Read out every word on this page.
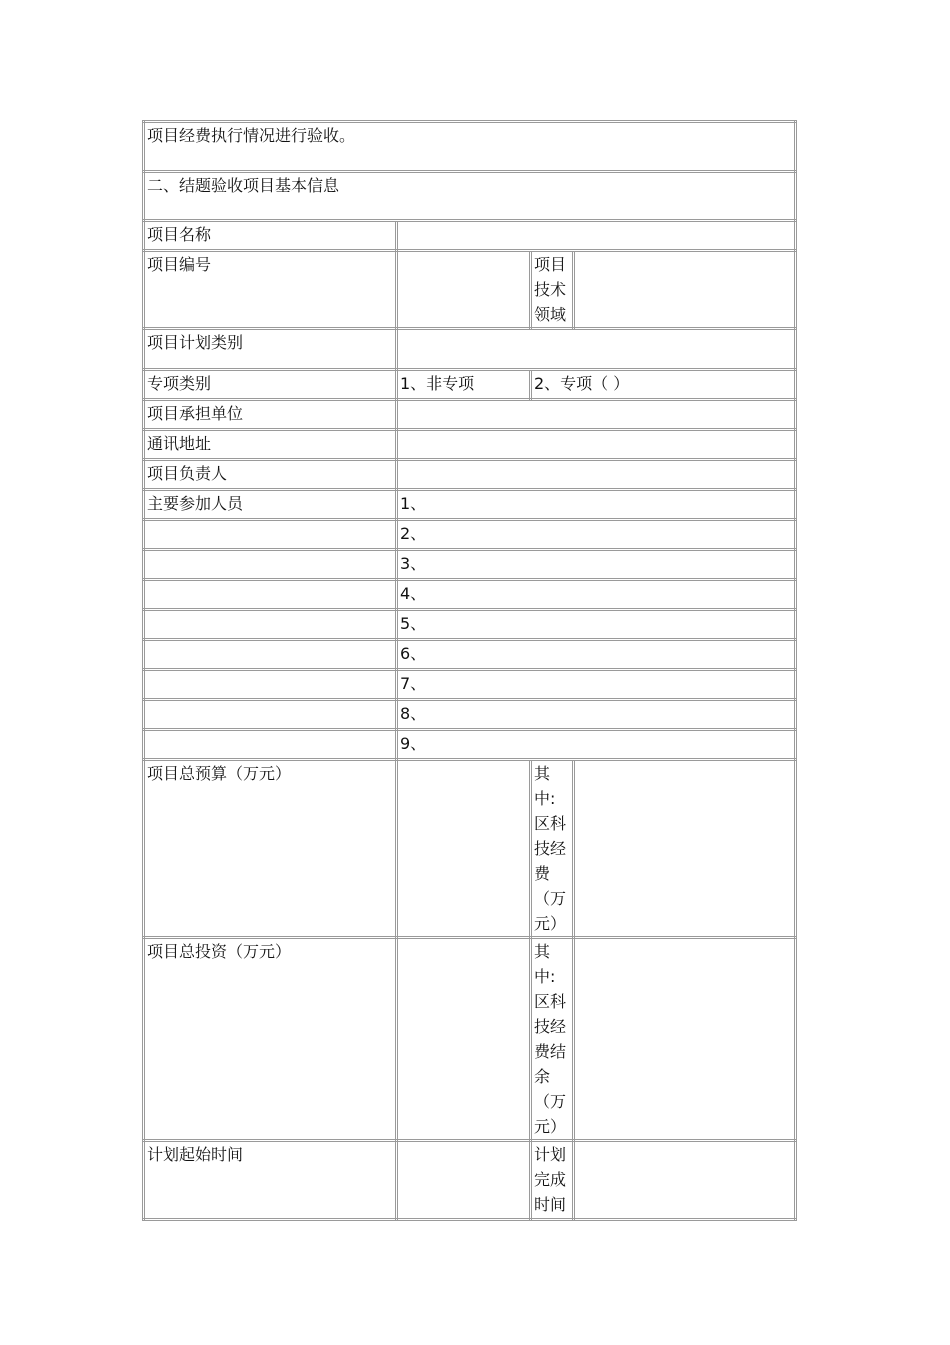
项目经费执行情况进行验收。			
二、结题验收项目基本信息			
项目名称			
项目编号		项目技术领域	
项目计划类别			
专项类别	1、非专项	2、专项（ ）	
项目承担单位			
通讯地址			
项目负责人			
主要参加人员	1、		
	2、		
	3、		
	4、		
	5、		
	6、		
	7、		
	8、		
	9、		
项目总预算（万元）		其中:区科技经费（万元）	
项目总投资（万元）		其中:区科技经费结余（万元）	
计划起始时间		计划完成时间	
